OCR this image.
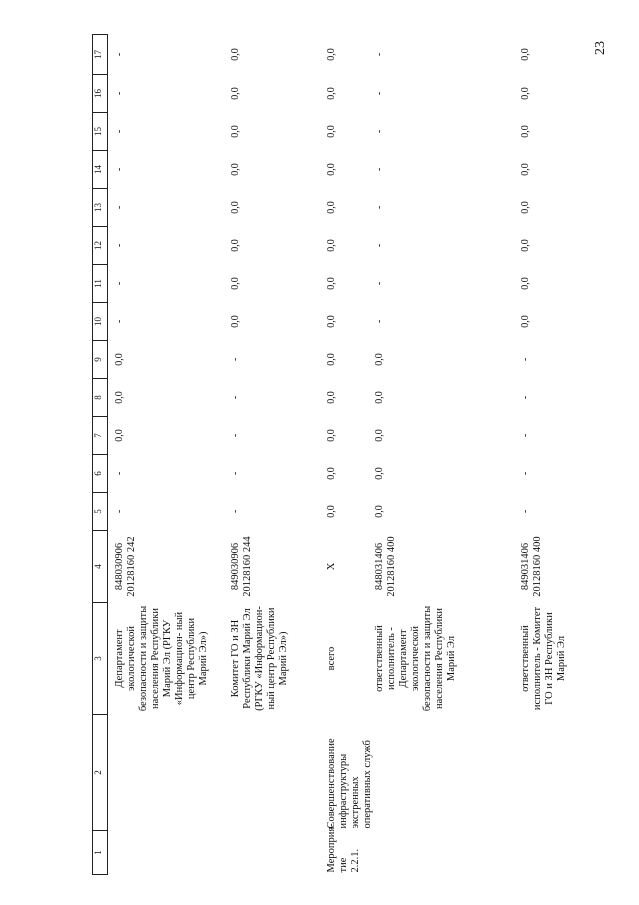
23
1	2	3	4	5	6	7	8	9	10	11	12	13	14	15	16	17
		Департамент экологической безопасности и защиты населения Республики Марий Эл (РГКУ «Информацион- ный центр Республики Марий Эл»)	848030906 20128160 242	-	-	0,0	0,0	0,0	-	-	-	-	-	-	-	-
		Комитет ГО и ЗН Республики Марий Эл (РГКУ «Информацион- ный центр Республики Марий Эл»)	849030906 20128160 244	-	-	-	-	-	0,0	0,0	0,0	0,0	0,0	0,0	0,0	0,0
Мероприя- тие 2.2.1.	Совершенствование инфраструктуры экстренных оперативных служб	всего	X	0,0	0,0	0,0	0,0	0,0	0,0	0,0	0,0	0,0	0,0	0,0	0,0	0,0
		ответственный исполнитель - Департамент экологической безопасности и защиты населения Республики Марий Эл	848031406 20128160 400	0,0	0,0	0,0	0,0	0,0	-	-	-	-	-	-	-	-
		ответственный исполнитель - Комитет ГО и ЗН Республики Марий Эл	849031406 20128160 400	-	-	-	-	-	0,0	0,0	0,0	0,0	0,0	0,0	0,0	0,0
